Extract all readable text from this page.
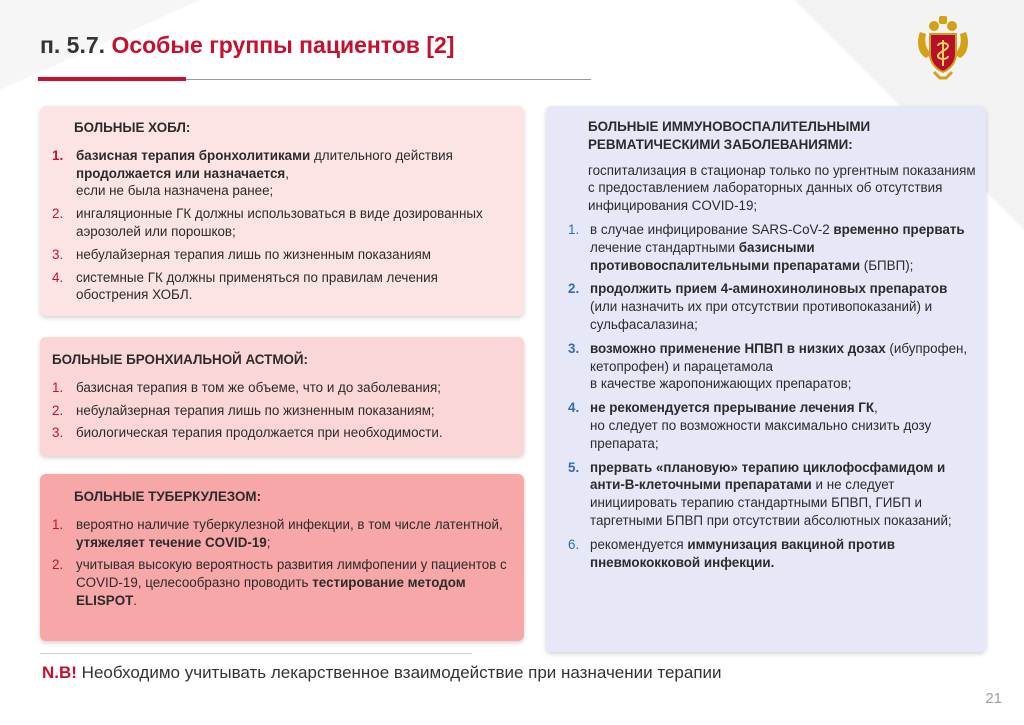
п. 5.7. Особые группы пациентов [2]
БОЛЬНЫЕ ХОБЛ:
1. базисная терапия бронхолитиками длительного действия продолжается или назначается,
если не была назначена ранее;
2. ингаляционные ГК должны использоваться в виде дозированных аэрозолей или порошков;
3. небулайзерная терапия лишь по жизненным показаниям
4. системные ГК должны применяться по правилам лечения обострения ХОБЛ.
БОЛЬНЫЕ БРОНХИАЛЬНОЙ АСТМОЙ:
1. базисная терапия в том же объеме, что и до заболевания;
2. небулайзерная терапия лишь по жизненным показаниям;
3. биологическая терапия продолжается при необходимости.
БОЛЬНЫЕ ТУБЕРКУЛЕЗОМ:
1. вероятно наличие туберкулезной инфекции, в том числе латентной, утяжеляет течение COVID-19;
2. учитывая высокую вероятность развития лимфопении у пациентов с COVID-19, целесообразно проводить тестирование методом ELISPOT.
БОЛЬНЫЕ ИММУНОВОСПАЛИТЕЛЬНЫМИ РЕВМАТИЧЕСКИМИ ЗАБОЛЕВАНИЯМИ:
госпитализация в стационар только по ургентным показаниям с предоставлением лабораторных данных об отсутствия инфицирования COVID-19;
1. в случае инфицирование SARS-CoV-2 временно прервать лечение стандартными базисными противовоспалительными препаратами (БПВП);
2. продолжить прием 4-аминохинолиновых препаратов (или назначить их при отсутствии противопоказаний) и сульфасалазина;
3. возможно применение НПВП в низких дозах (ибупрофен, кетопрофен) и парацетамола
в качестве жаропонижающих препаратов;
4. не рекомендуется прерывание лечения ГК,
но следует по возможности максимально снизить дозу препарата;
5. прервать «плановую» терапию циклофосфамидом и анти-В-клеточными препаратами и не следует инициировать терапию стандартными БПВП, ГИБП и таргетными БПВП при отсутствии абсолютных показаний;
6. рекомендуется иммунизация вакциной против пневмококковой инфекции.

N.B! Необходимо учитывать лекарственное взаимодействие при назначении терапии

21
